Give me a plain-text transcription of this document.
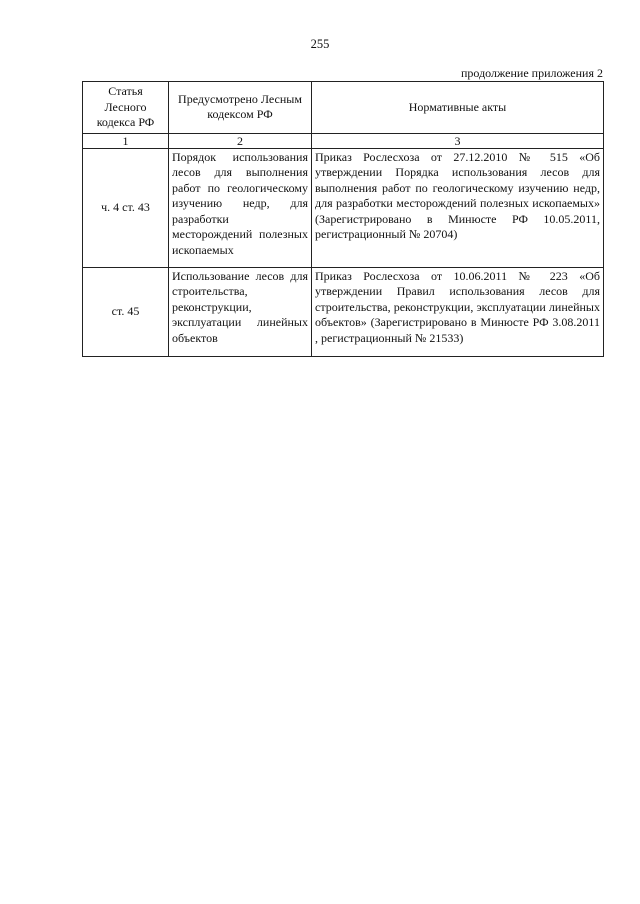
255
продолжение приложения 2
Статья Лесного кодекса РФ	Предусмотрено Лесным кодексом РФ	Нормативные акты
1	2	3
ч. 4 ст. 43	Порядок использования лесов для выполнения работ по геологическому изучению недр, для разработки месторождений полезных ископаемых	Приказ Рослесхоза от 27.12.2010 № 515 «Об утверждении Порядка использования лесов для выполнения работ по геологическому изучению недр, для разработки месторождений полезных ископаемых» (Зарегистрировано в Минюсте РФ 10.05.2011, регистрационный № 20704)
ст. 45	Использование лесов для строительства, реконструкции, эксплуатации линейных объектов	Приказ Рослесхоза от 10.06.2011 № 223 «Об утверждении Правил использования лесов для строительства, реконструкции, эксплуатации линейных объектов» (Зарегистрировано в Минюсте РФ 3.08.2011 , регистрационный № 21533)
